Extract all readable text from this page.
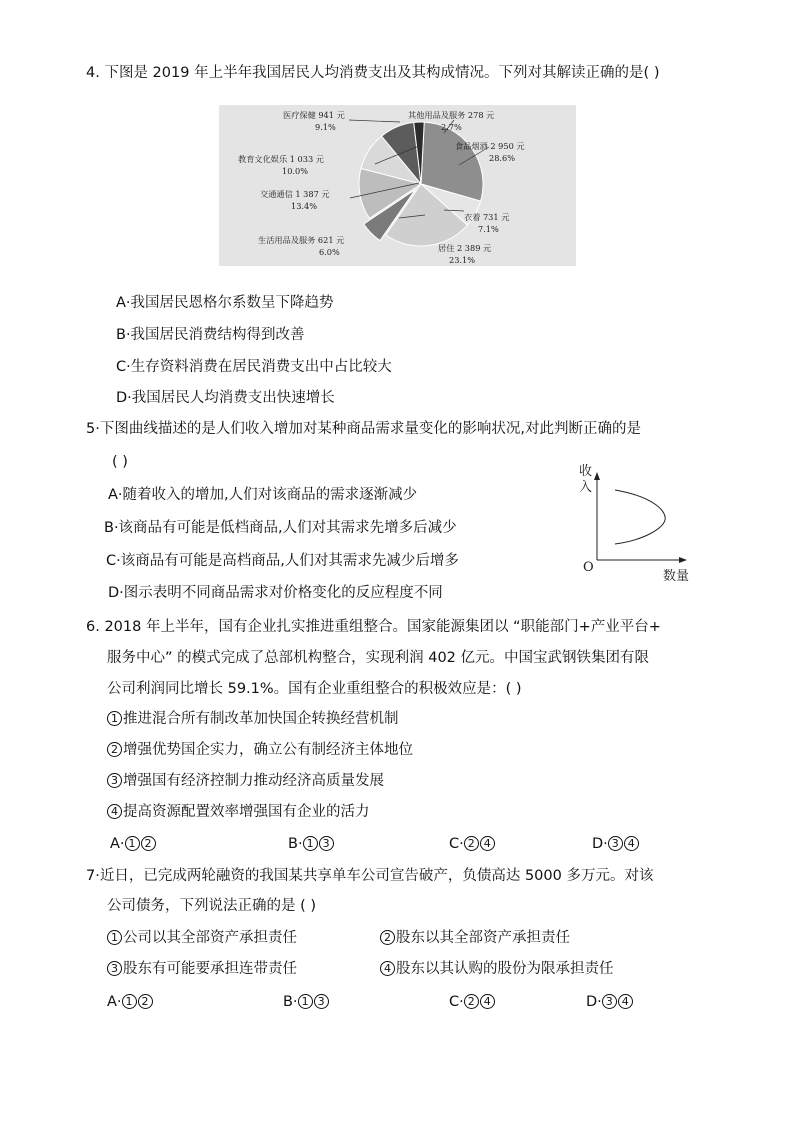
4. 下图是 2019 年上半年我国居民人均消费支出及其构成情况。下列对其解读正确的是( )
医疗保健 941 元
9.1%
其他用品及服务 278 元
2.7%
食品烟酒 2 950 元
28.6%
教育文化娱乐 1 033 元
10.0%
交通通信 1 387 元
13.4%
衣着 731 元
7.1%
生活用品及服务 621 元
6.0%	居住 2 389 元
23.1%
A·我国居民恩格尔系数呈下降趋势
B·我国居民消费结构得到改善
C·生存资料消费在居民消费支出中占比较大
D·我国居民人均消费支出快速增长
5·下图曲线描述的是人们收入增加对某种商品需求量变化的影响状况,对此判断正确的是
( )
A·随着收入的增加,人们对该商品的需求逐渐减少
B·该商品有可能是低档商品,人们对其需求先增多后减少
C·该商品有可能是高档商品,人们对其需求先减少后增多
D·图示表明不同商品需求对价格变化的反应程度不同
收
入
O
数量
6. 2018 年上半年，国有企业扎实推进重组整合。国家能源集团以 “职能部门+产业平台+
服务中心” 的模式完成了总部机构整合，实现利润 402 亿元。中国宝武钢铁集团有限
公司利润同比增长 59.1%。国有企业重组整合的积极效应是：( )
1 推进混合所有制改革加快国企转换经营机制
2 增强优势国企实力，确立公有制经济主体地位
3 增强国有经济控制力推动经济高质量发展
4 提高资源配置效率增强国有企业的活力
A· 1 2	B· 1 3	C· 2 4	D· 3 4
7·近日，已完成两轮融资的我国某共享单车公司宣告破产，负债高达 5000 多万元。对该
公司债务，下列说法正确的是 ( )
1 公司以其全部资产承担责任	2 股东以其全部资产承担责任
3 股东有可能要承担连带责任	4 股东以其认购的股份为限承担责任
A· 1 2	B· 1 3	C· 2 4	D· 3 4
